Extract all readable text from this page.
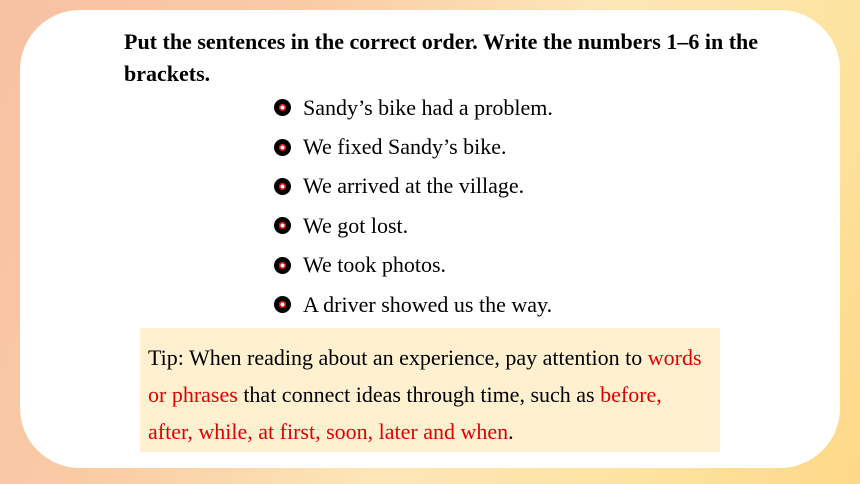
Put the sentences in the correct order. Write the numbers 1–6 in the brackets.
Sandy’s bike had a problem.
We fixed Sandy’s bike.
We arrived at the village.
We got lost.
We took photos.
A driver showed us the way.
Tip: When reading about an experience, pay attention to words or phrases that connect ideas through time, such as before, after, while, at first, soon, later and when.
